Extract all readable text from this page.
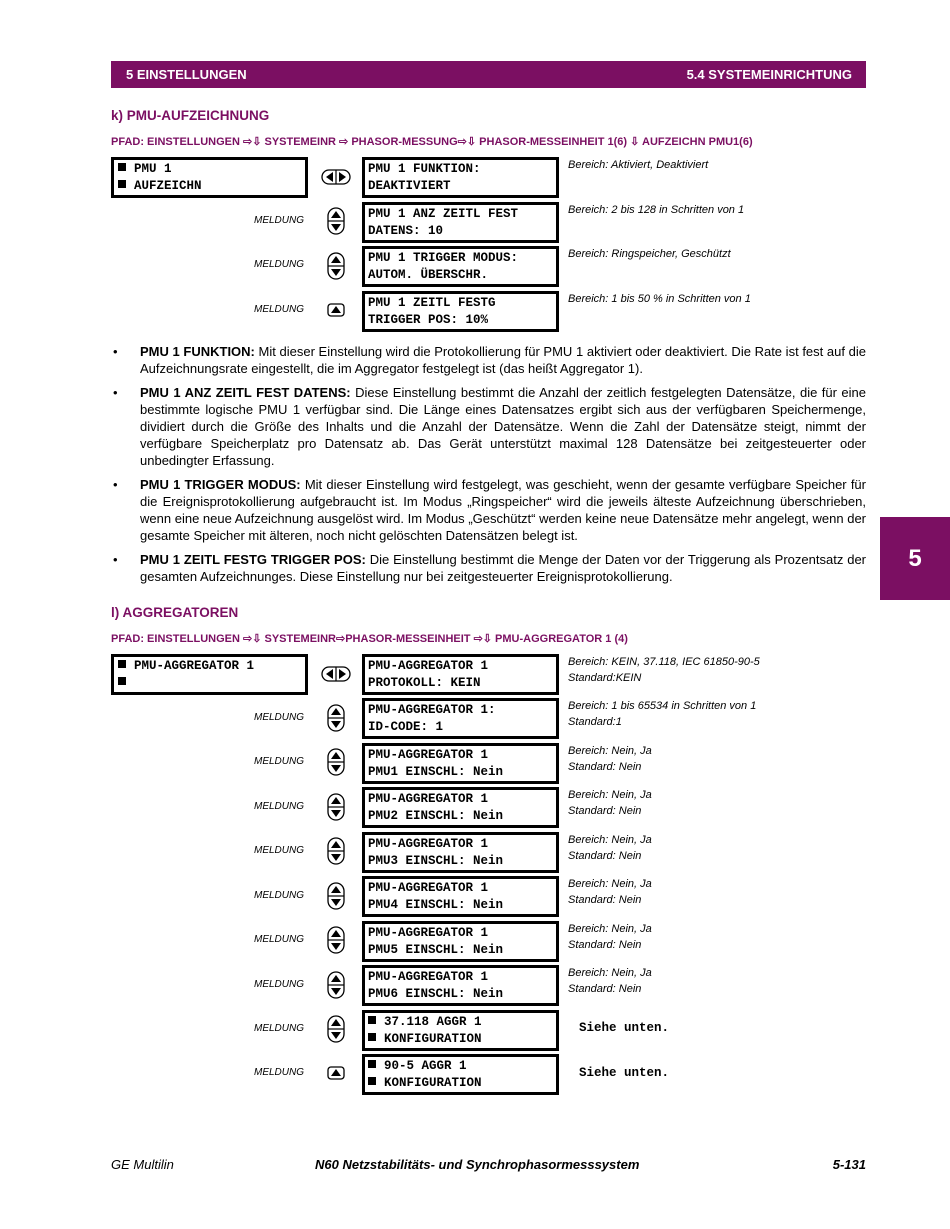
5 EINSTELLUNGEN	5.4 SYSTEMEINRICHTUNG
5
k) PMU-AUFZEICHNUNG
PFAD: EINSTELLUNGEN ⇨⇩ SYSTEMEINR ⇨ PHASOR-MESSUNG⇨⇩ PHASOR-MESSEINHEIT 1(6) ⇩ AUFZEICHN PMU1(6)
PMU 1
AUFZEICHN
PMU 1 FUNKTION:
DEAKTIVIERT
Bereich: Aktiviert, Deaktiviert
MELDUNG	PMU 1 ANZ ZEITL FEST
DATENS: 10
Bereich: 2 bis 128 in Schritten von 1
MELDUNG	PMU 1 TRIGGER MODUS:
AUTOM. ÜBERSCHR.
Bereich: Ringspeicher, Geschützt
MELDUNG	PMU 1 ZEITL FESTG
TRIGGER POS: 10%
Bereich: 1 bis 50 % in Schritten von 1
• PMU 1 FUNKTION: Mit dieser Einstellung wird die Protokollierung für PMU 1 aktiviert oder deaktiviert. Die Rate ist fest auf die Aufzeichnungsrate eingestellt, die im Aggregator festgelegt ist (das heißt Aggregator 1).
• PMU 1 ANZ ZEITL FEST DATENS: Diese Einstellung bestimmt die Anzahl der zeitlich festgelegten Datensätze, die für eine bestimmte logische PMU 1 verfügbar sind. Die Länge eines Datensatzes ergibt sich aus der verfügbaren Speichermenge, dividiert durch die Größe des Inhalts und die Anzahl der Datensätze. Wenn die Zahl der Datensätze steigt, nimmt der verfügbare Speicherplatz pro Datensatz ab. Das Gerät unterstützt maximal 128 Datensätze bei zeitgesteuerter oder unbedingter Erfassung.
• PMU 1 TRIGGER MODUS: Mit dieser Einstellung wird festgelegt, was geschieht, wenn der gesamte verfügbare Speicher für die Ereignisprotokollierung aufgebraucht ist. Im Modus „Ringspeicher“ wird die jeweils älteste Aufzeichnung überschrieben, wenn eine neue Aufzeichnung ausgelöst wird. Im Modus „Geschützt“ werden keine neue Datensätze mehr angelegt, wenn der gesamte Speicher mit älteren, noch nicht gelöschten Datensätzen belegt ist.
• PMU 1 ZEITL FESTG TRIGGER POS: Die Einstellung bestimmt die Menge der Daten vor der Triggerung als Prozentsatz der gesamten Aufzeichnunges. Diese Einstellung nur bei zeitgesteuerter Ereignisprotokollierung.
l) AGGREGATOREN
PFAD: EINSTELLUNGEN ⇨⇩ SYSTEMEINR⇨PHASOR-MESSEINHEIT ⇨⇩ PMU-AGGREGATOR 1 (4)
PMU-AGGREGATOR 1	PMU-AGGREGATOR 1
PROTOKOLL: KEIN
Bereich: KEIN, 37.118, IEC 61850-90-5
Standard:KEIN
MELDUNG
PMU-AGGREGATOR 1:
ID-CODE: 1
Bereich: 1 bis 65534 in Schritten von 1
Standard:1
MELDUNG	PMU-AGGREGATOR 1
PMU1 EINSCHL: Nein
Bereich: Nein, Ja
Standard: Nein
MELDUNG
PMU-AGGREGATOR 1
PMU2 EINSCHL: Nein
Bereich: Nein, Ja
Standard: Nein
MELDUNG	PMU-AGGREGATOR 1
PMU3 EINSCHL: Nein
Bereich: Nein, Ja
Standard: Nein
MELDUNG
PMU-AGGREGATOR 1
PMU4 EINSCHL: Nein
Bereich: Nein, Ja
Standard: Nein
MELDUNG	PMU-AGGREGATOR 1
PMU5 EINSCHL: Nein
Bereich: Nein, Ja
Standard: Nein
MELDUNG
PMU-AGGREGATOR 1
PMU6 EINSCHL: Nein
Bereich: Nein, Ja
Standard: Nein
MELDUNG	37.118 AGGR 1
KONFIGURATION
Siehe unten.
MELDUNG	90-5 AGGR 1
KONFIGURATION
Siehe unten.
GE Multilin	N60 Netzstabilitäts- und Synchrophasormesssystem	5-131
